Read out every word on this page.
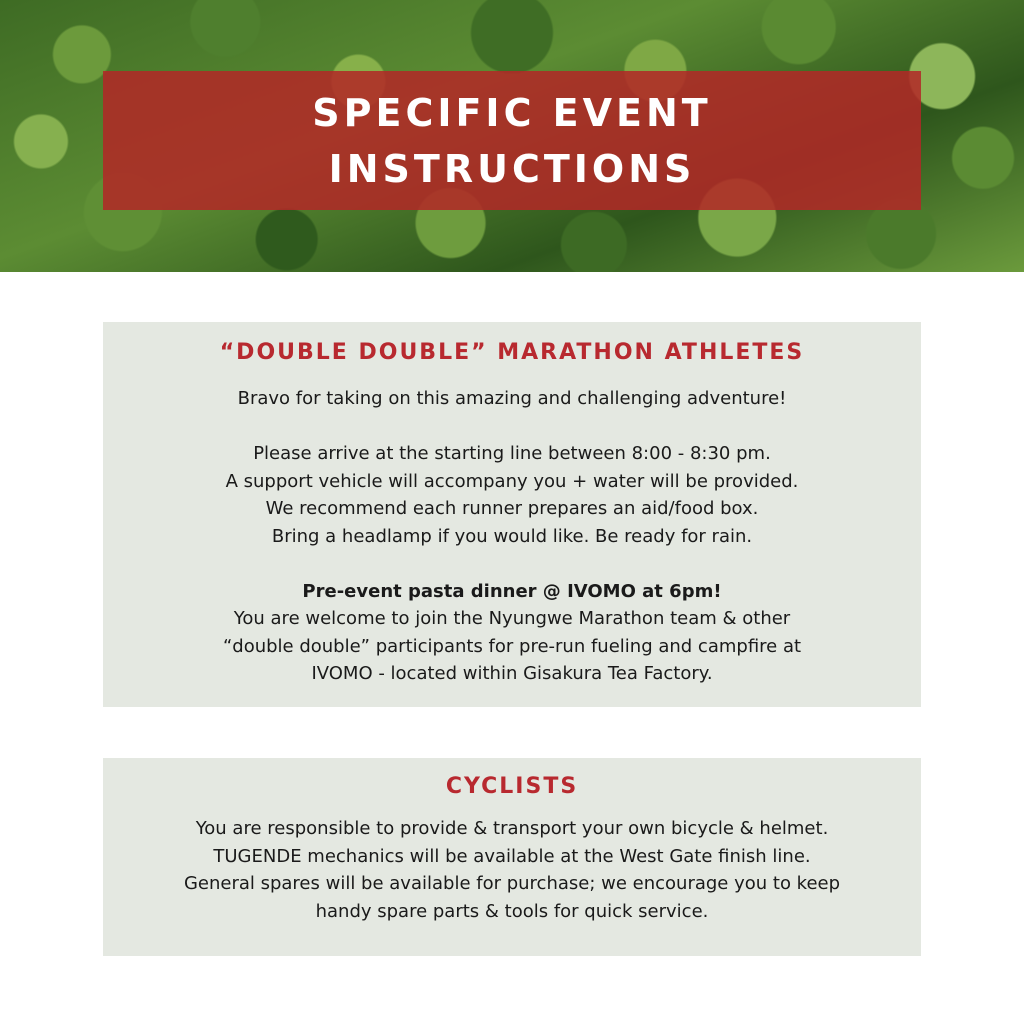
SPECIFIC EVENT
INSTRUCTIONS
“DOUBLE DOUBLE” MARATHON ATHLETES

Bravo for taking on this amazing and challenging adventure!

Please arrive at the starting line between 8:00 - 8:30 pm.

A support vehicle will accompany you + water will be provided.

We recommend each runner prepares an aid/food box.

Bring a headlamp if you would like. Be ready for rain.

Pre-event pasta dinner @ IVOMO at 6pm!

You are welcome to join the Nyungwe Marathon team & other

“double double” participants for pre-run fueling and campfire at

IVOMO - located within Gisakura Tea Factory.

CYCLISTS

You are responsible to provide & transport your own bicycle & helmet.

TUGENDE mechanics will be available at the West Gate finish line.

General spares will be available for purchase; we encourage you to keep

handy spare parts & tools for quick service.
